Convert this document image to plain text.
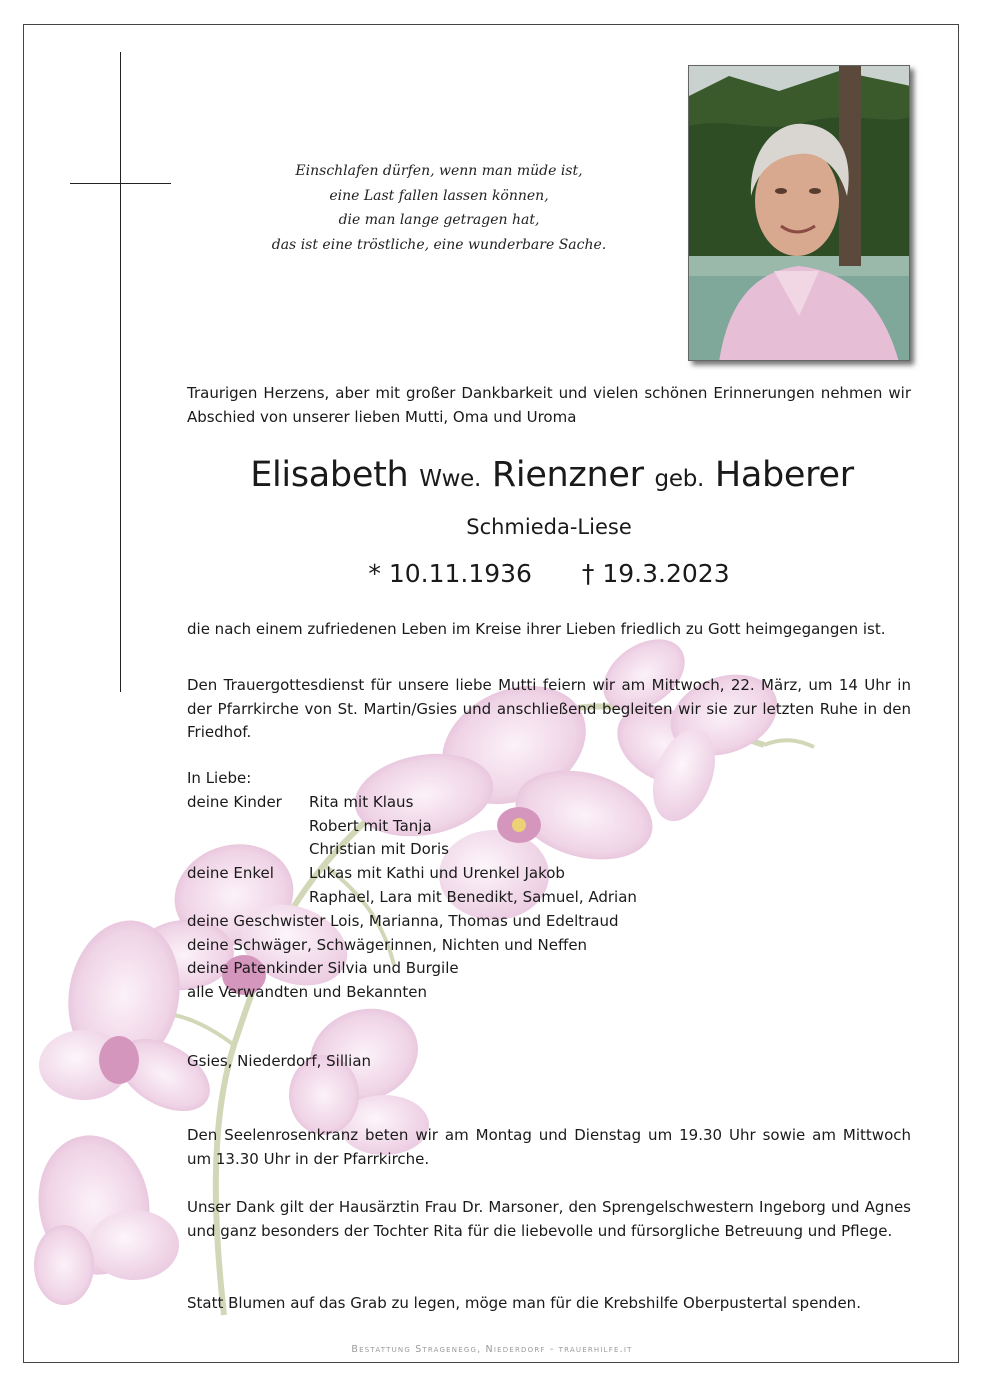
Einschlafen dürfen, wenn man müde ist,
eine Last fallen lassen können,
die man lange getragen hat,
das ist eine tröstliche, eine wunderbare Sache.
Traurigen Herzens, aber mit großer Dankbarkeit und vielen schönen Erinnerungen nehmen wir Abschied von unserer lieben Mutti, Oma und Uroma
Elisabeth Wwe. Rienzner geb. Haberer
Schmieda-Liese
* 10.11.1936 † 19.3.2023
die nach einem zufriedenen Leben im Kreise ihrer Lieben friedlich zu Gott heimgegangen ist.
Den Trauergottesdienst für unsere liebe Mutti feiern wir am Mittwoch, 22. März, um 14 Uhr in der Pfarrkirche von St. Martin/Gsies und anschließend begleiten wir sie zur letzten Ruhe in den Friedhof.
In Liebe:
deine Kinder	Rita mit Klaus
Robert mit Tanja
Christian mit Doris
deine Enkel	Lukas mit Kathi und Urenkel Jakob
Raphael, Lara mit Benedikt, Samuel, Adrian
deine Geschwister Lois, Marianna, Thomas und Edeltraud
deine Schwäger, Schwägerinnen, Nichten und Neffen
deine Patenkinder Silvia und Burgile
alle Verwandten und Bekannten
Gsies, Niederdorf, Sillian
Den Seelenrosenkranz beten wir am Montag und Dienstag um 19.30 Uhr sowie am Mittwoch um 13.30 Uhr in der Pfarrkirche.
Unser Dank gilt der Hausärztin Frau Dr. Marsoner, den Sprengelschwestern Ingeborg und Agnes und ganz besonders der Tochter Rita für die liebevolle und fürsorgliche Betreuung und Pflege.
Statt Blumen auf das Grab zu legen, möge man für die Krebshilfe Oberpustertal spenden.
Bestattung Stragenegg, Niederdorf - trauerhilfe.it
